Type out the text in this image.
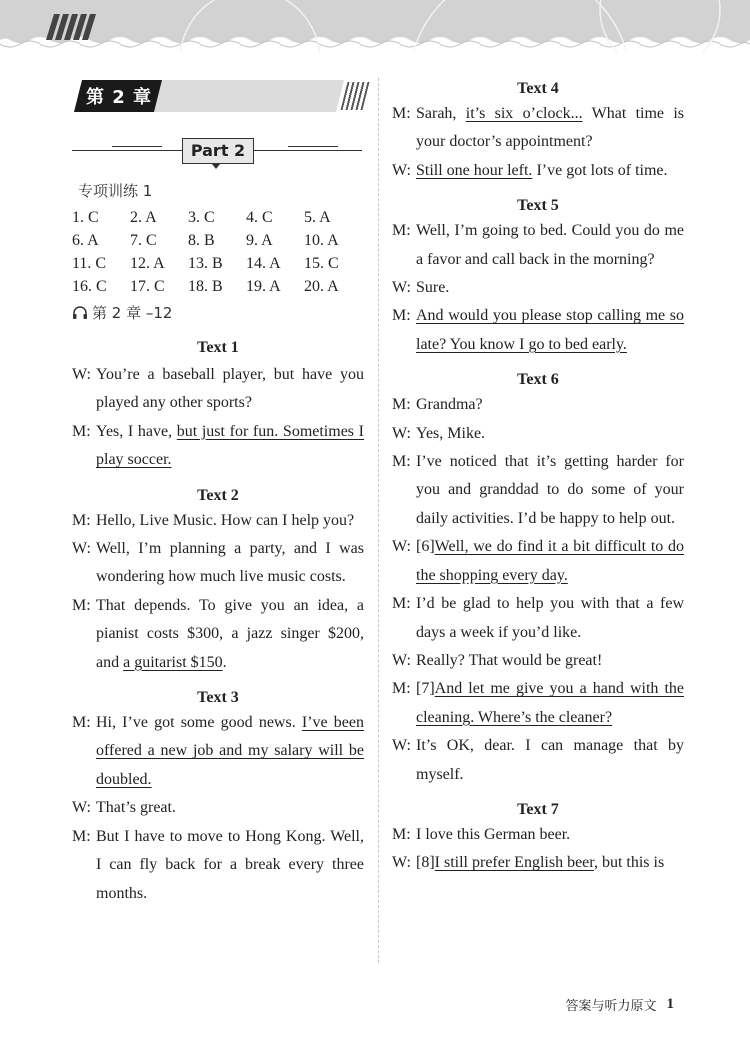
第 2 章
Part 2
专项训练 1
1. C	2. A	3. C	4. C	5. A
6. A	7. C	8. B	9. A	10. A
11. C	12. A	13. B	14. A	15. C
16. C	17. C	18. B	19. A	20. A
第 2 章 –12
Text 1
W: You’re a baseball player, but have you played any other sports?
M: Yes, I have, but just for fun. Sometimes I play soccer.
Text 2
M: Hello, Live Music. How can I help you?
W: Well, I’m planning a party, and I was wondering how much live music costs.
M: That depends. To give you an idea, a pianist costs $300, a jazz singer $200, and a guitarist $150.
Text 3
M: Hi, I’ve got some good news. I’ve been offered a new job and my salary will be doubled.
W: That’s great.
M: But I have to move to Hong Kong. Well, I can fly back for a break every three months.
Text 4
M: Sarah, it’s six o’clock... What time is your doctor’s appointment?
W: Still one hour left. I’ve got lots of time.
Text 5
M: Well, I’m going to bed. Could you do me a favor and call back in the morning?
W: Sure.
M: And would you please stop calling me so late? You know I go to bed early.
Text 6
M: Grandma?
W: Yes, Mike.
M: I’ve noticed that it’s getting harder for you and granddad to do some of your daily activities. I’d be happy to help out.
W: [6]Well, we do find it a bit difficult to do the shopping every day.
M: I’d be glad to help you with that a few days a week if you’d like.
W: Really? That would be great!
M: [7]And let me give you a hand with the cleaning. Where’s the cleaner?
W: It’s OK, dear. I can manage that by myself.
Text 7
M: I love this German beer.
W: [8]I still prefer English beer, but this is
答案与听力原文 1
